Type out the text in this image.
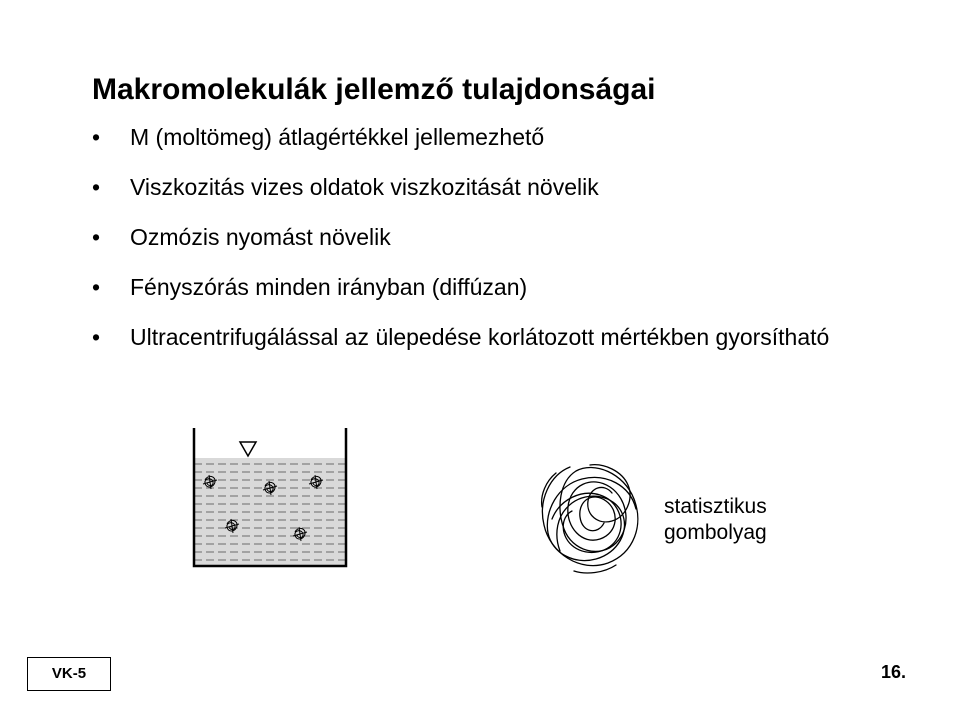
Makromolekulák jellemző tulajdonságai
•	M (moltömeg) átlagértékkel jellemezhető
•	Viszkozitás vizes oldatok viszkozitását növelik
•	Ozmózis nyomást növelik
•	Fényszórás minden irányban (diffúzan)
•	Ultracentrifugálással az ülepedése korlátozott mértékben gyorsítható
statisztikus
gombolyag
VK-5	16.
